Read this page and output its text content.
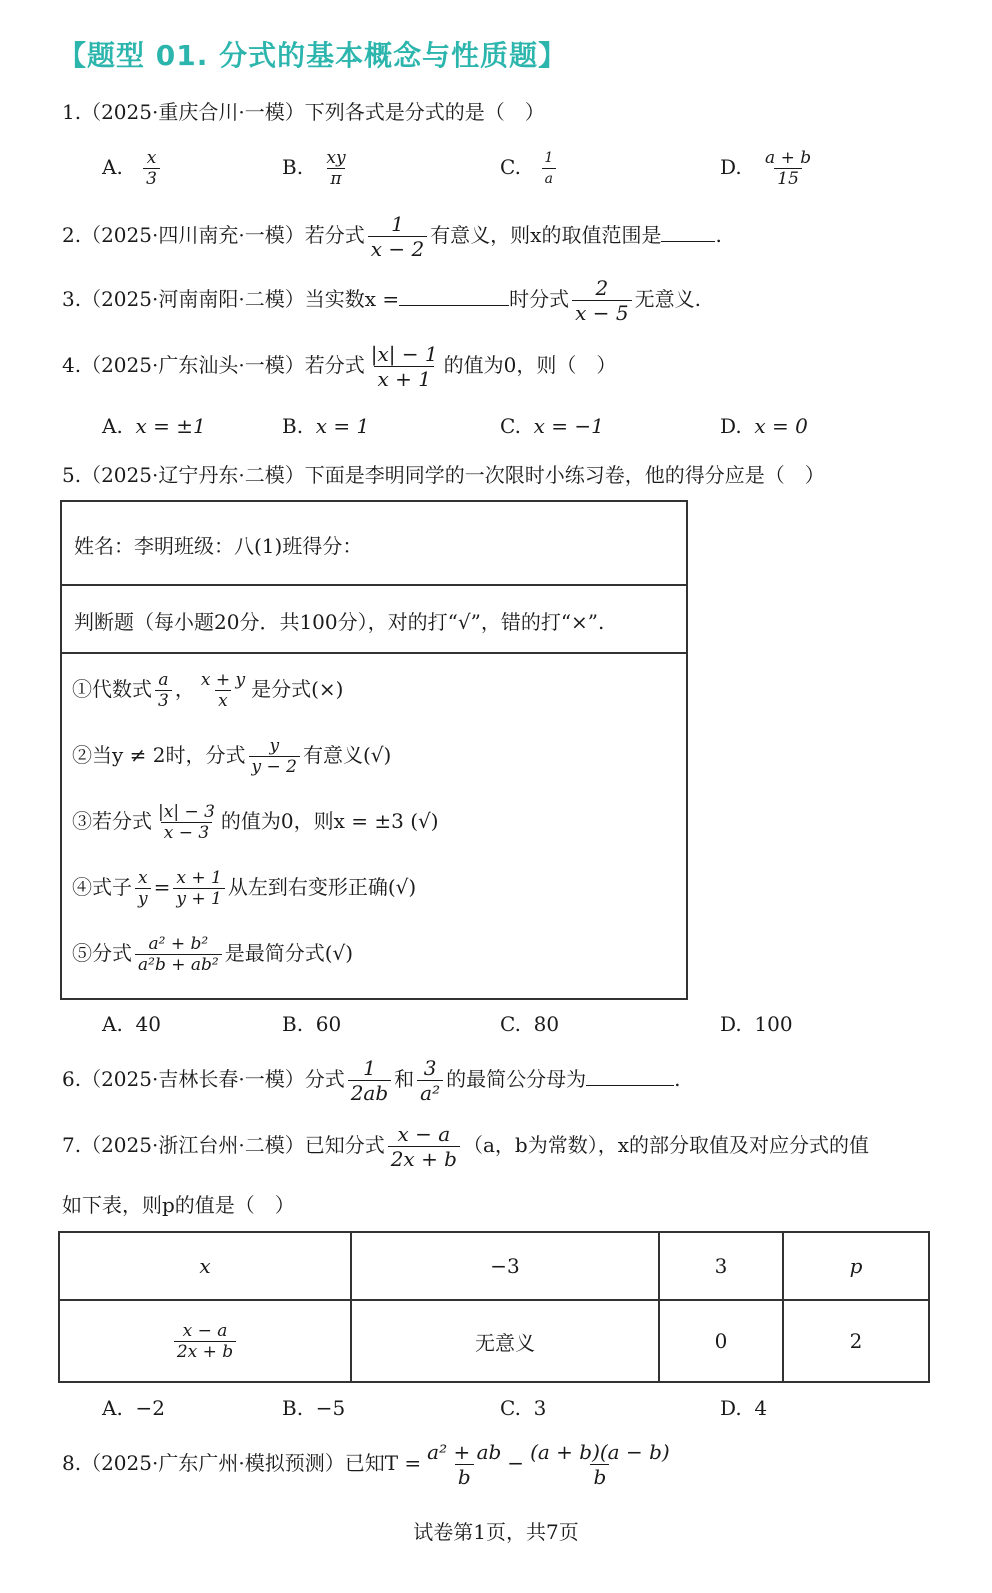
【题型 01. 分式的基本概念与性质题】
1.（2025·重庆合川·一模）下列各式是分式的是（　）
A. $\frac{x}{3}$	B. $\frac{xy}{\pi}$	C. $\frac{1}{a}$	D. $\frac{a + b}{15}$
2.（2025·四川南充·一模）若分式 $\frac{1}{x - 2}$ 有意义，则x的取值范围是	.
3.（2025·河南南阳·二模）当实数x =	时分式 $\frac{2}{x - 5}$ 无意义.
4.（2025·广东汕头·一模）若分式 $\frac{|x| - 1}{x + 1}$ 的值为0，则（　）
A. x = ±1	B. x = 1	C. x = −1	D. x = 0
5.（2025·辽宁丹东·二模）下面是李明同学的一次限时小练习卷，他的得分应是（　）
姓名：李明班级：八(1)班得分：
判断题（每小题20分．共100分），对的打“√”，错的打“×”.
①代数式 $\frac{a}{3}$ ， $\frac{x + y}{x}$ 是分式(×)
②当y ≠ 2时，分式 $\frac{y}{y - 2}$ 有意义(√)
③若分式 $\frac{|x| - 3}{x - 3}$ 的值为0，则x = ±3 (√)
④式子 $\frac{x}{y} = \frac{x + 1}{y + 1}$ 从左到右变形正确(√)
⑤分式 $\frac{\text{a² + b²}}{\text{a²b + ab²}}$ 是最简分式(√)
A. 40	B. 60	C. 80	D. 100
6.（2025·吉林长春·一模）分式 $\frac{1}{2ab}$ 和 $\frac{3}{\text{a²}}$ 的最简公分母为	.
7.（2025·浙江台州·二模）已知分式 $\frac{x - a}{2x + b} (a$，b为常数），x的部分取值及对应分式的值
如下表，则p的值是（　）
x	−3	3	p

$\frac{x - a}{2x + b}$	无意义	0	2
A. −2	B. −5	C. 3	D. 4
8.（2025·广东广州·模拟预测）已知$T = \frac{\text{a² + ab}}{b} - \frac{(a + b)(a - b)}{b}$
试卷第1页，共7页
